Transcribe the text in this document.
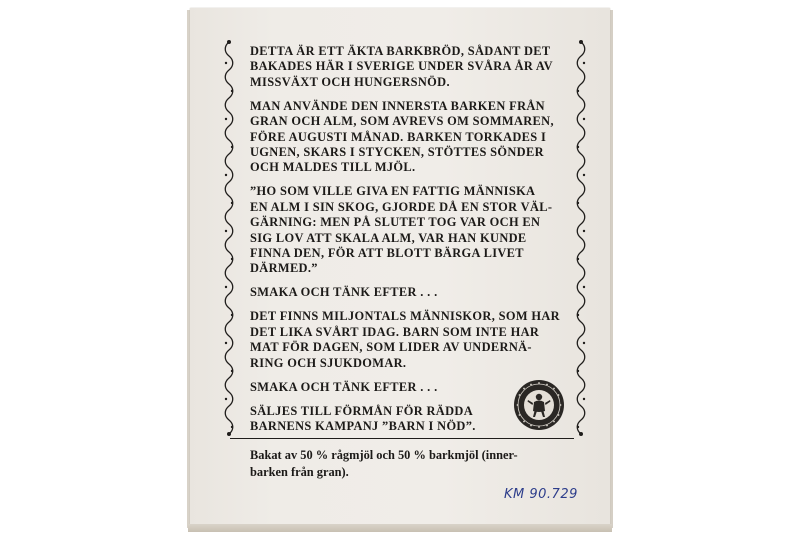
DETTA ÄR ETT ÄKTA BARKBRÖD, SÅDANT DET
BAKADES HÄR I SVERIGE UNDER SVÅRA ÅR AV
MISSVÄXT OCH HUNGERSNÖD.
MAN ANVÄNDE DEN INNERSTA BARKEN FRÅN
GRAN OCH ALM, SOM AVREVS OM SOMMAREN,
FÖRE AUGUSTI MÅNAD. BARKEN TORKADES I
UGNEN, SKARS I STYCKEN, STÖTTES SÖNDER
OCH MALDES TILL MJÖL.
”HO SOM VILLE GIVA EN FATTIG MÄNNISKA
EN ALM I SIN SKOG, GJORDE DÅ EN STOR VÄL-
GÄRNING: MEN PÅ SLUTET TOG VAR OCH EN
SIG LOV ATT SKALA ALM, VAR HAN KUNDE
FINNA DEN, FÖR ATT BLOTT BÄRGA LIVET
DÄRMED.”
SMAKA OCH TÄNK EFTER . . .
DET FINNS MILJONTALS MÄNNISKOR, SOM HAR
DET LIKA SVÅRT IDAG. BARN SOM INTE HAR
MAT FÖR DAGEN, SOM LIDER AV UNDERNÄ-
RING OCH SJUKDOMAR.
SMAKA OCH TÄNK EFTER . . .
SÄLJES TILL FÖRMÅN FÖR RÄDDA
BARNENS KAMPANJ ”BARN I NÖD”.
Bakat av 50 % rågmjöl och 50 % barkmjöl (inner-
barken från gran).
KM 90.729
